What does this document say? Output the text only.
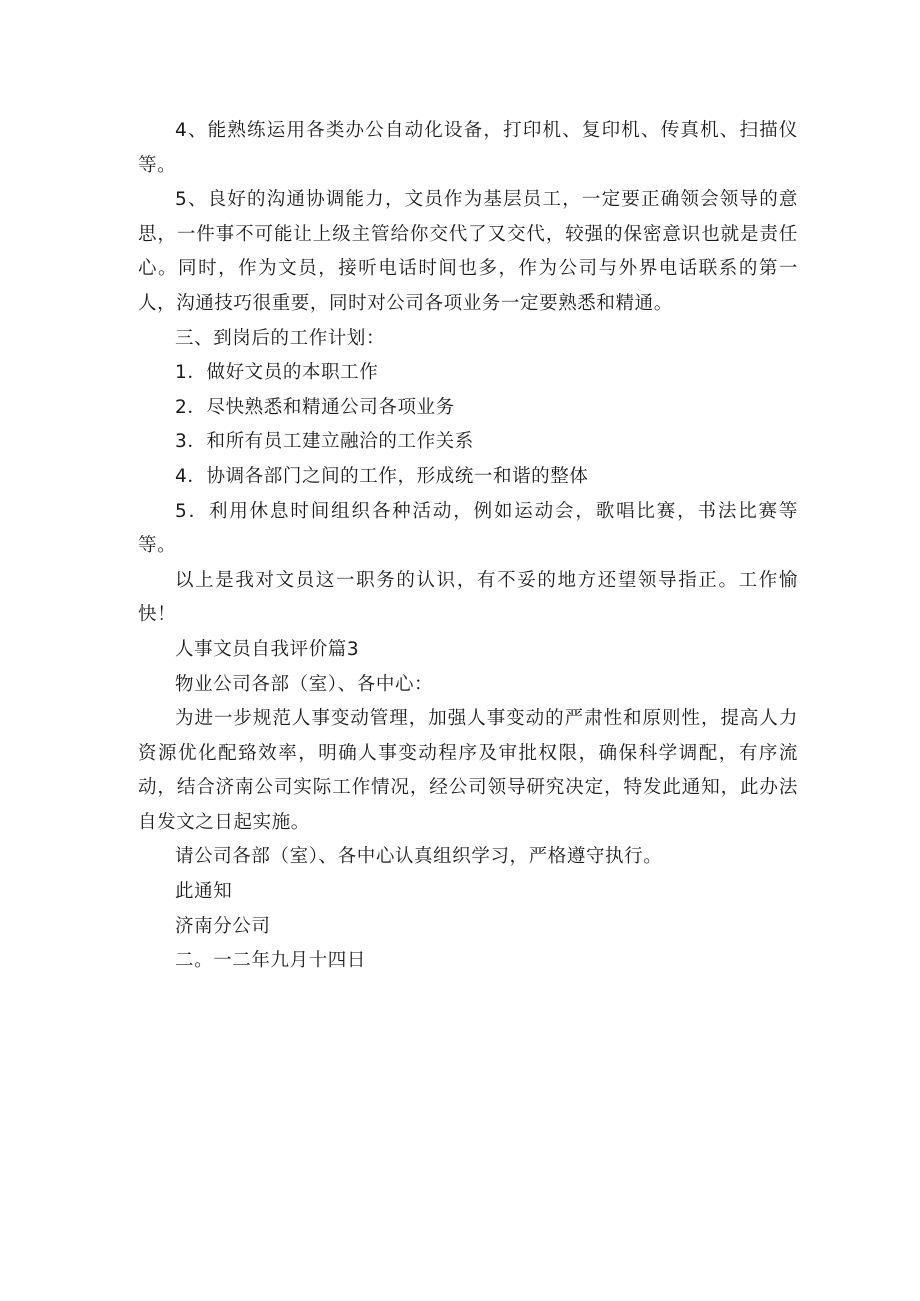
4、能熟练运用各类办公自动化设备，打印机、复印机、传真机、扫描仪等。

5、良好的沟通协调能力，文员作为基层员工，一定要正确领会领导的意思，一件事不可能让上级主管给你交代了又交代，较强的保密意识也就是责任心。同时，作为文员，接听电话时间也多，作为公司与外界电话联系的第一人，沟通技巧很重要，同时对公司各项业务一定要熟悉和精通。

三、到岗后的工作计划：

1．做好文员的本职工作

2．尽快熟悉和精通公司各项业务

3．和所有员工建立融洽的工作关系

4．协调各部门之间的工作，形成统一和谐的整体

5．利用休息时间组织各种活动，例如运动会，歌唱比赛，书法比赛等等。

以上是我对文员这一职务的认识，有不妥的地方还望领导指正。工作愉快！

人事文员自我评价篇3

物业公司各部（室）、各中心：

为进一步规范人事变动管理，加强人事变动的严肃性和原则性，提高人力资源优化配臵效率，明确人事变动程序及审批权限，确保科学调配，有序流动，结合济南公司实际工作情况，经公司领导研究决定，特发此通知，此办法自发文之日起实施。

请公司各部（室）、各中心认真组织学习，严格遵守执行。

此通知

济南分公司

二。一二年九月十四日
